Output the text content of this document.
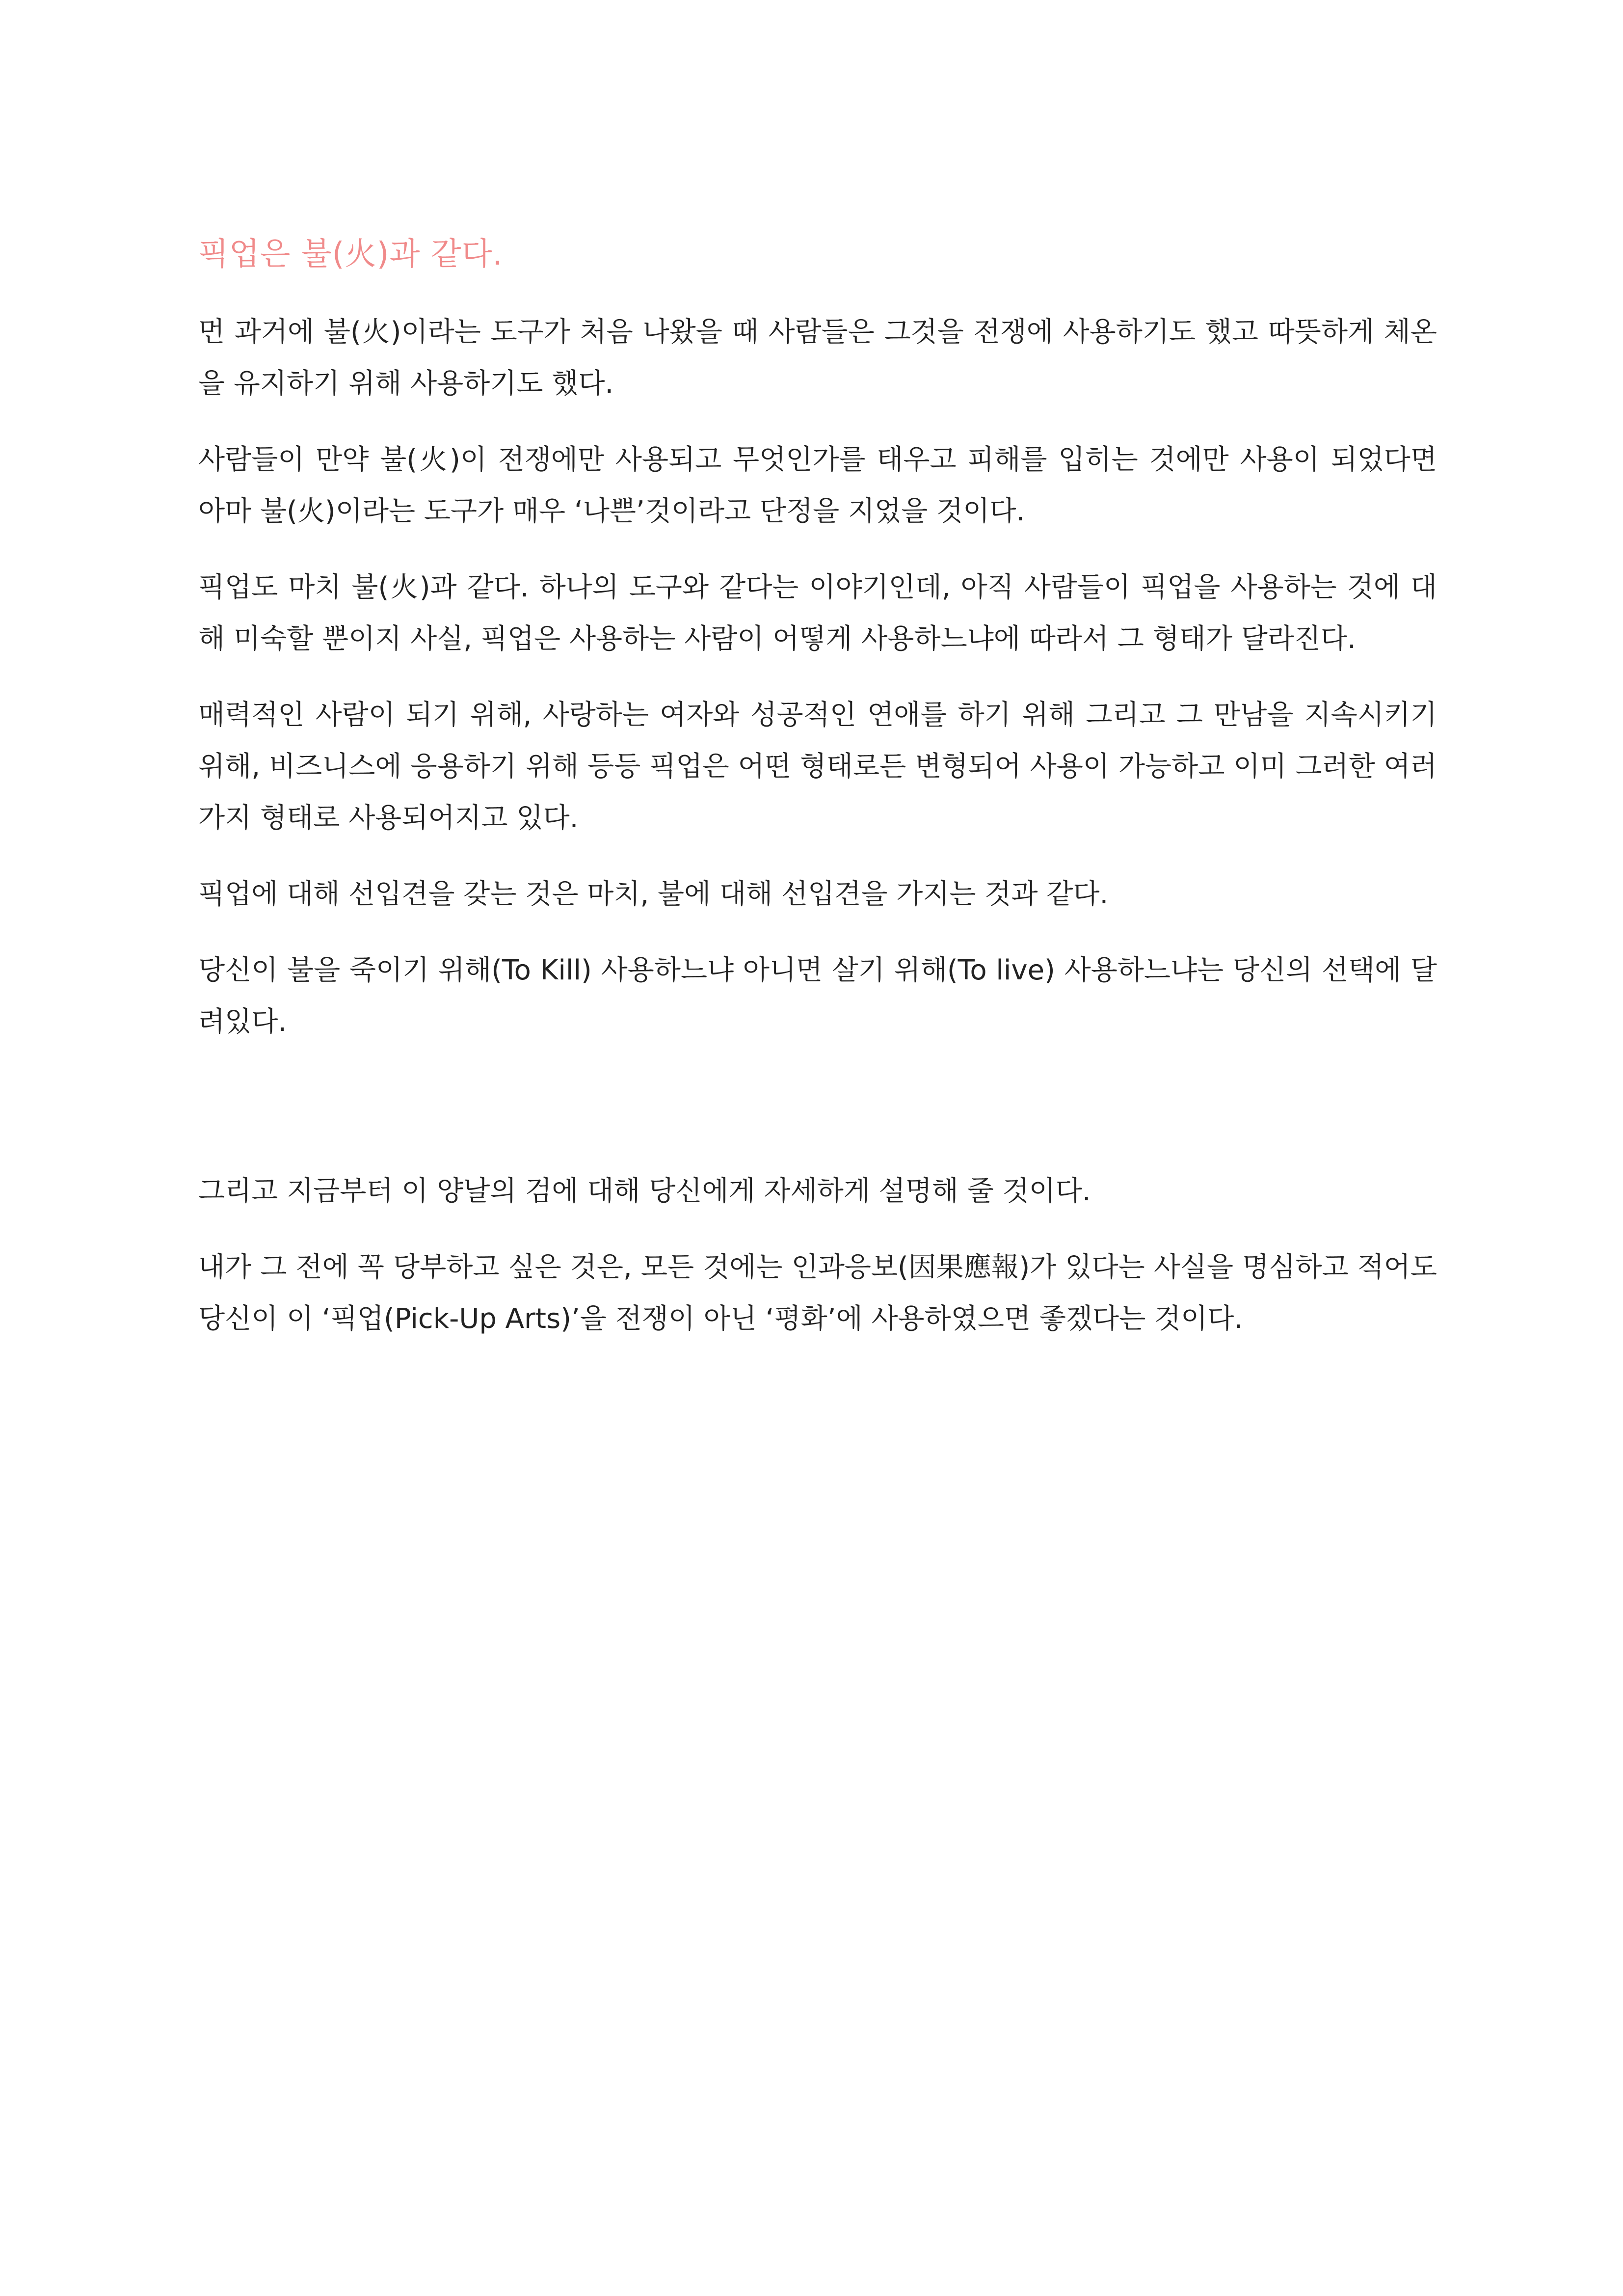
픽업은 불(火)과 같다.

먼 과거에 불(火)이라는 도구가 처음 나왔을 때 사람들은 그것을 전쟁에 사용하기도 했고 따뜻하게 체온을 유지하기 위해 사용하기도 했다.

사람들이 만약 불(火)이 전쟁에만 사용되고 무엇인가를 태우고 피해를 입히는 것에만 사용이 되었다면 아마 불(火)이라는 도구가 매우 ‘나쁜’것이라고 단정을 지었을 것이다.

픽업도 마치 불(火)과 같다. 하나의 도구와 같다는 이야기인데, 아직 사람들이 픽업을 사용하는 것에 대해 미숙할 뿐이지 사실, 픽업은 사용하는 사람이 어떻게 사용하느냐에 따라서 그 형태가 달라진다.

매력적인 사람이 되기 위해, 사랑하는 여자와 성공적인 연애를 하기 위해 그리고 그 만남을 지속시키기 위해, 비즈니스에 응용하기 위해 등등 픽업은 어떤 형태로든 변형되어 사용이 가능하고 이미 그러한 여러가지 형태로 사용되어지고 있다.

픽업에 대해 선입견을 갖는 것은 마치, 불에 대해 선입견을 가지는 것과 같다.

당신이 불을 죽이기 위해(To Kill) 사용하느냐 아니면 살기 위해(To live) 사용하느냐는 당신의 선택에 달려있다.

그리고 지금부터 이 양날의 검에 대해 당신에게 자세하게 설명해 줄 것이다.

내가 그 전에 꼭 당부하고 싶은 것은, 모든 것에는 인과응보(因果應報)가 있다는 사실을 명심하고 적어도 당신이 이 ‘픽업(Pick-Up Arts)’을 전쟁이 아닌 ‘평화’에 사용하였으면 좋겠다는 것이다.
